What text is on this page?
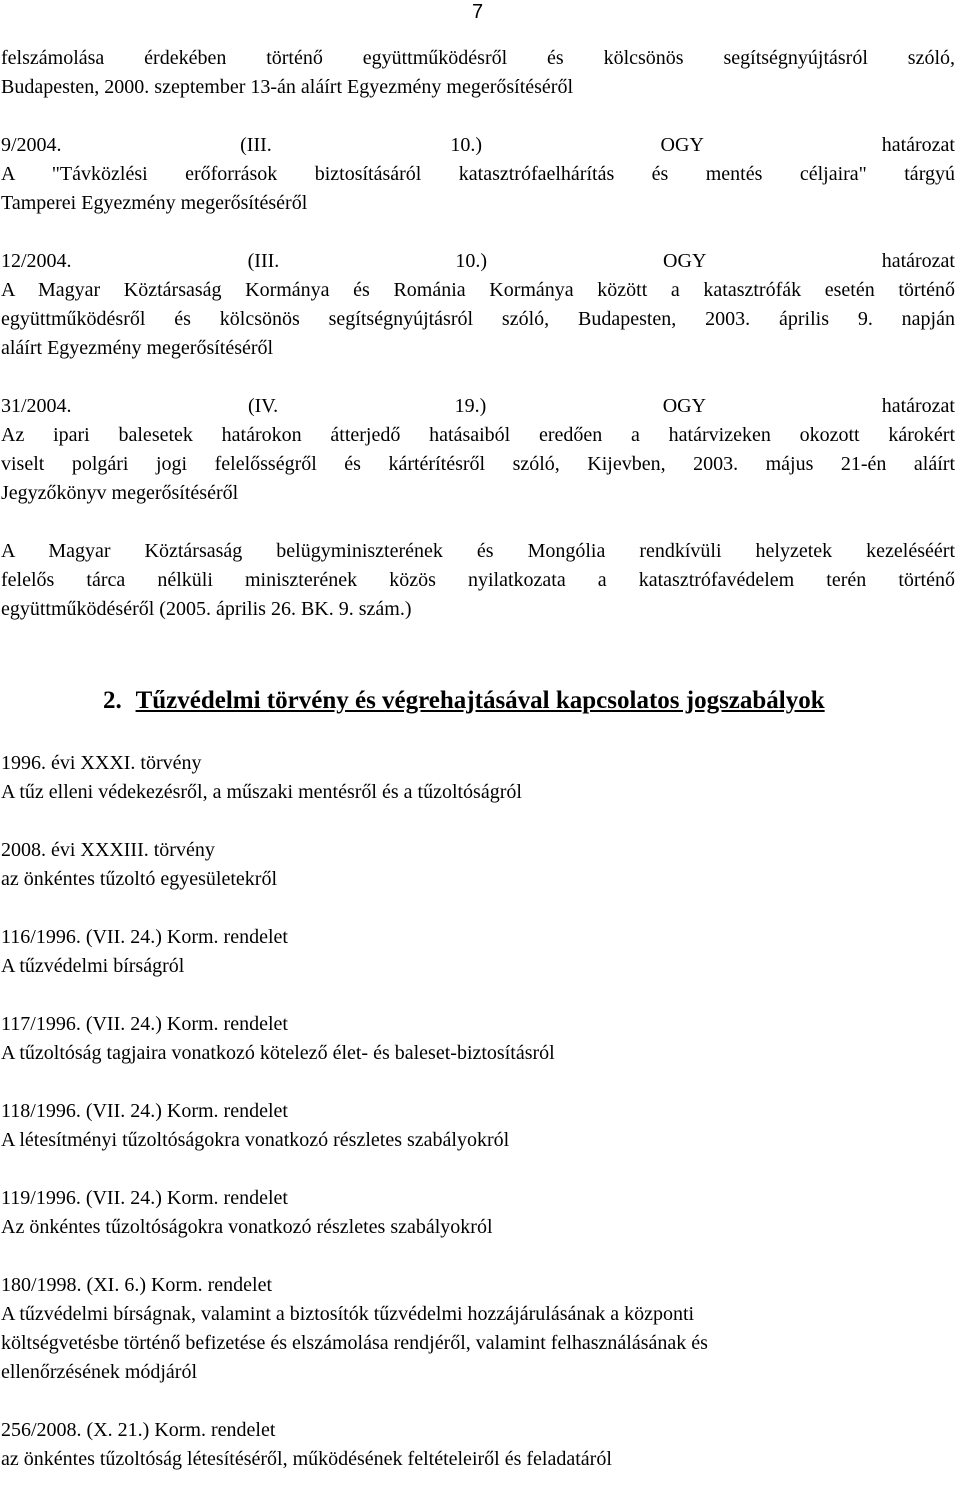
7
felszámolása érdekében történő együttműködésről és kölcsönös segítségnyújtásról szóló,
Budapesten, 2000. szeptember 13-án aláírt Egyezmény megerősítéséről
9/2004. (III. 10.) OGY határozat
A "Távközlési erőforrások biztosításáról katasztrófaelhárítás és mentés céljaira" tárgyú
Tamperei Egyezmény megerősítéséről
12/2004. (III. 10.) OGY határozat
A Magyar Köztársaság Kormánya és Románia Kormánya között a katasztrófák esetén történő
együttműködésről és kölcsönös segítségnyújtásról szóló, Budapesten, 2003. április 9. napján
aláírt Egyezmény megerősítéséről
31/2004. (IV. 19.) OGY határozat
Az ipari balesetek határokon átterjedő hatásaiból eredően a határvizeken okozott károkért
viselt polgári jogi felelősségről és kártérítésről szóló, Kijevben, 2003. május 21-én aláírt
Jegyzőkönyv megerősítéséről
A Magyar Köztársaság belügyminiszterének és Mongólia rendkívüli helyzetek kezeléséért
felelős tárca nélküli miniszterének közös nyilatkozata a katasztrófavédelem terén történő
együttműködéséről (2005. április 26. BK. 9. szám.)
2. Tűzvédelmi törvény és végrehajtásával kapcsolatos jogszabályok
1996. évi XXXI. törvény
A tűz elleni védekezésről, a műszaki mentésről és a tűzoltóságról
2008. évi XXXIII. törvény
az önkéntes tűzoltó egyesületekről
116/1996. (VII. 24.) Korm. rendelet
A tűzvédelmi bírságról
117/1996. (VII. 24.) Korm. rendelet
A tűzoltóság tagjaira vonatkozó kötelező élet- és baleset-biztosításról
118/1996. (VII. 24.) Korm. rendelet
A létesítményi tűzoltóságokra vonatkozó részletes szabályokról
119/1996. (VII. 24.) Korm. rendelet
Az önkéntes tűzoltóságokra vonatkozó részletes szabályokról
180/1998. (XI. 6.) Korm. rendelet
A tűzvédelmi bírságnak, valamint a biztosítók tűzvédelmi hozzájárulásának a központi
költségvetésbe történő befizetése és elszámolása rendjéről, valamint felhasználásának és
ellenőrzésének módjáról
256/2008. (X. 21.) Korm. rendelet
az önkéntes tűzoltóság létesítéséről, működésének feltételeiről és feladatáról
